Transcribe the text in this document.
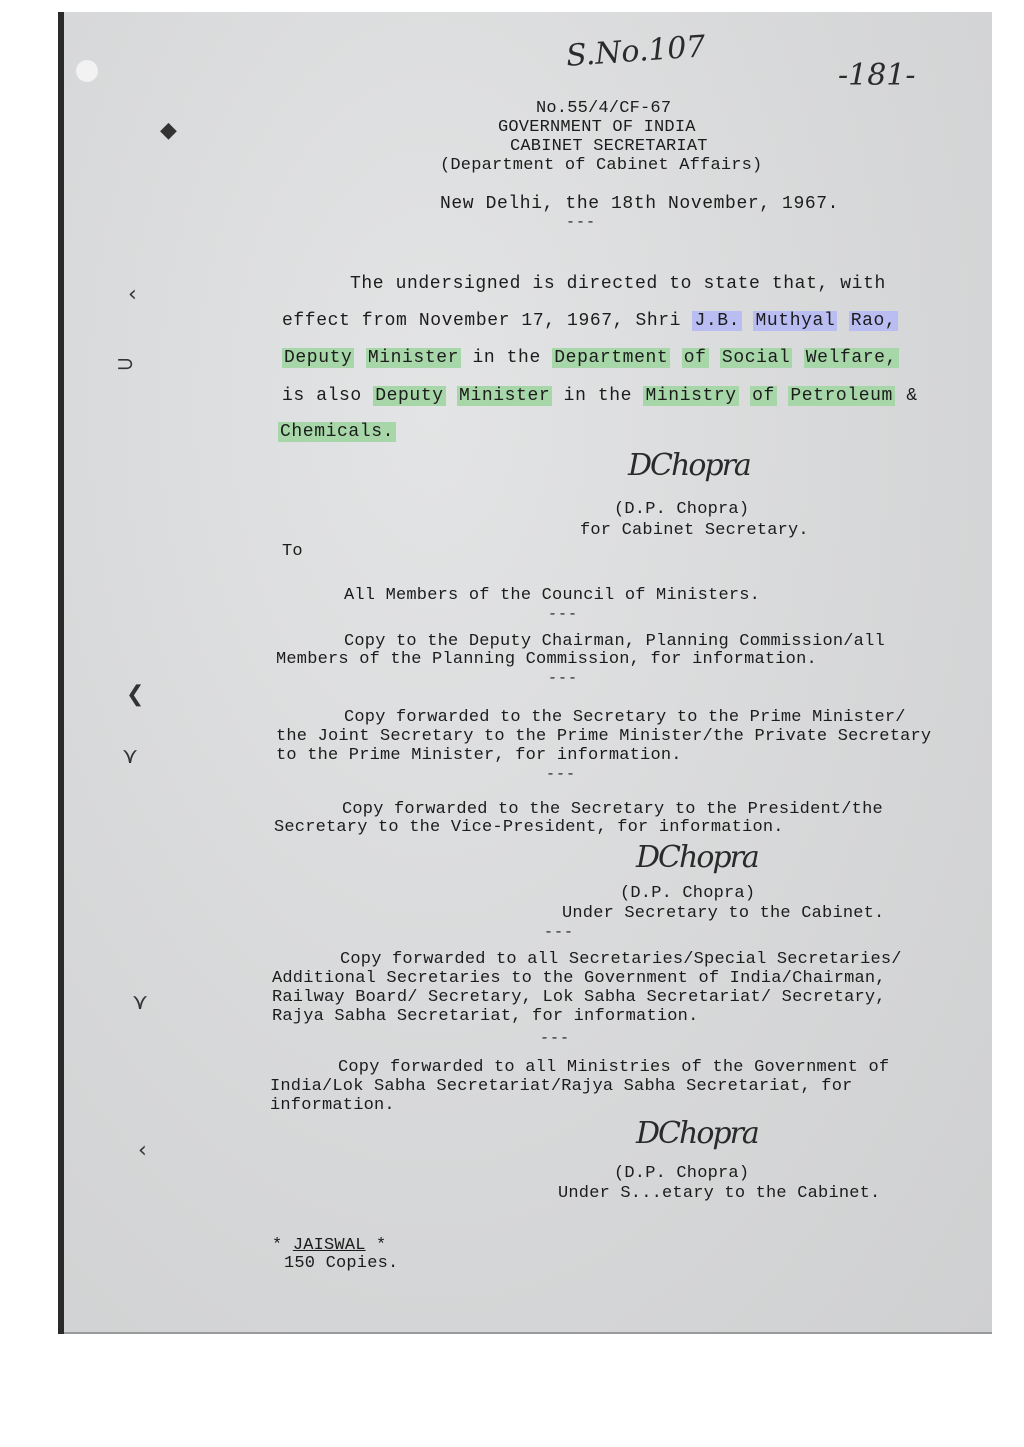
S.No.107
-181-
◆
‹
⊃
❮
⋎
⋎
‹
No.55/4/CF-67
GOVERNMENT OF INDIA
CABINET SECRETARIAT
(Department of Cabinet Affairs)
New Delhi, the 18th November, 1967.
---
The undersigned is directed to state that, with
effect from November 17, 1967, Shri J.B. Muthyal Rao,
Deputy Minister in the Department of Social Welfare,
is also Deputy Minister in the Ministry of Petroleum &
Chemicals.
DChopra
(D.P. Chopra)
for Cabinet Secretary.
To
All Members of the Council of Ministers.
---
Copy to the Deputy Chairman, Planning Commission/all
Members of the Planning Commission, for information.
---
Copy forwarded to the Secretary to the Prime Minister/
the Joint Secretary to the Prime Minister/the Private Secretary
to the Prime Minister, for information.
---
Copy forwarded to the Secretary to the President/the
Secretary to the Vice-President, for information.
DChopra
(D.P. Chopra)
Under Secretary to the Cabinet.
---
Copy forwarded to all Secretaries/Special Secretaries/
Additional Secretaries to the Government of India/Chairman,
Railway Board/ Secretary, Lok Sabha Secretariat/ Secretary,
Rajya Sabha Secretariat, for information.
---
Copy forwarded to all Ministries of the Government of
India/Lok Sabha Secretariat/Rajya Sabha Secretariat, for
information.
DChopra
(D.P. Chopra)
Under S...etary to the Cabinet.
* JAISWAL *
150 Copies.
